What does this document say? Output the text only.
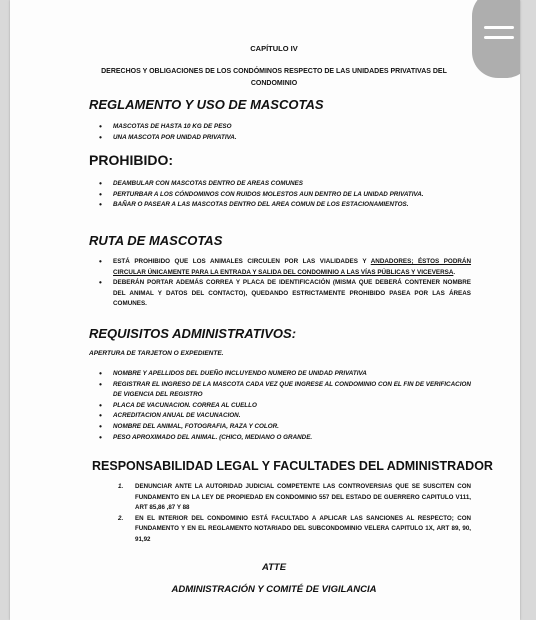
CAPÍTULO IV
DERECHOS Y OBLIGACIONES DE LOS CONDÓMINOS RESPECTO DE LAS UNIDADES PRIVATIVAS DEL CONDOMINIO
REGLAMENTO Y USO DE MASCOTAS
• MASCOTAS DE HASTA 10 KG DE PESO
• UNA MASCOTA POR UNIDAD PRIVATIVA.
PROHIBIDO:
• DEAMBULAR CON MASCOTAS DENTRO DE AREAS COMUNES
• PERTURBAR A LOS CÓNDOMINOS CON RUIDOS MOLESTOS AUN DENTRO DE LA UNIDAD PRIVATIVA.
• BAÑAR O PASEAR A LAS MASCOTAS DENTRO DEL AREA COMUN DE LOS ESTACIONAMIENTOS.
RUTA DE MASCOTAS
• ESTÁ PROHIBIDO QUE LOS ANIMALES CIRCULEN POR LAS VIALIDADES Y ANDADORES; ÉSTOS PODRÁN CIRCULAR ÚNICAMENTE PARA LA ENTRADA Y SALIDA DEL CONDOMINIO A LAS VÍAS PÚBLICAS Y VICEVERSA.
• DEBERÁN PORTAR ADEMÁS CORREA Y PLACA DE IDENTIFICACIÓN (MISMA QUE DEBERÁ CONTENER NOMBRE DEL ANIMAL Y DATOS DEL CONTACTO), QUEDANDO ESTRICTAMENTE PROHIBIDO PASEA POR LAS ÁREAS COMUNES.
REQUISITOS ADMINISTRATIVOS:
APERTURA DE TARJETON O EXPEDIENTE.
• NOMBRE Y APELLIDOS DEL DUEÑO INCLUYENDO NUMERO DE UNIDAD PRIVATIVA
• REGISTRAR EL INGRESO DE LA MASCOTA CADA VEZ QUE INGRESE AL CONDOMINIO CON EL FIN DE VERIFICACION DE VIGENCIA DEL REGISTRO
• PLACA DE VACUNACION. CORREA AL CUELLO
• ACREDITACION ANUAL DE VACUNACION.
• NOMBRE DEL ANIMAL, FOTOGRAFIA, RAZA Y COLOR.
• PESO APROXIMADO DEL ANIMAL. (CHICO, MEDIANO O GRANDE.
RESPONSABILIDAD LEGAL Y FACULTADES DEL ADMINISTRADOR
1. DENUNCIAR ANTE LA AUTORIDAD JUDICIAL COMPETENTE LAS CONTROVERSIAS QUE SE SUSCITEN CON FUNDAMENTO EN LA LEY DE PROPIEDAD EN CONDOMINIO 557 DEL ESTADO DE GUERRERO CAPITULO V111, ART 85,86 ,87 Y 88
2. EN EL INTERIOR DEL CONDOMINIO ESTÁ FACULTADO A APLICAR LAS SANCIONES AL RESPECTO; CON FUNDAMENTO Y EN EL REGLAMENTO NOTARIADO DEL SUBCONDOMINIO VELERA CAPITULO 1X, ART 89, 90, 91,92
ATTE
ADMINISTRACIÓN Y COMITÉ DE VIGILANCIA
